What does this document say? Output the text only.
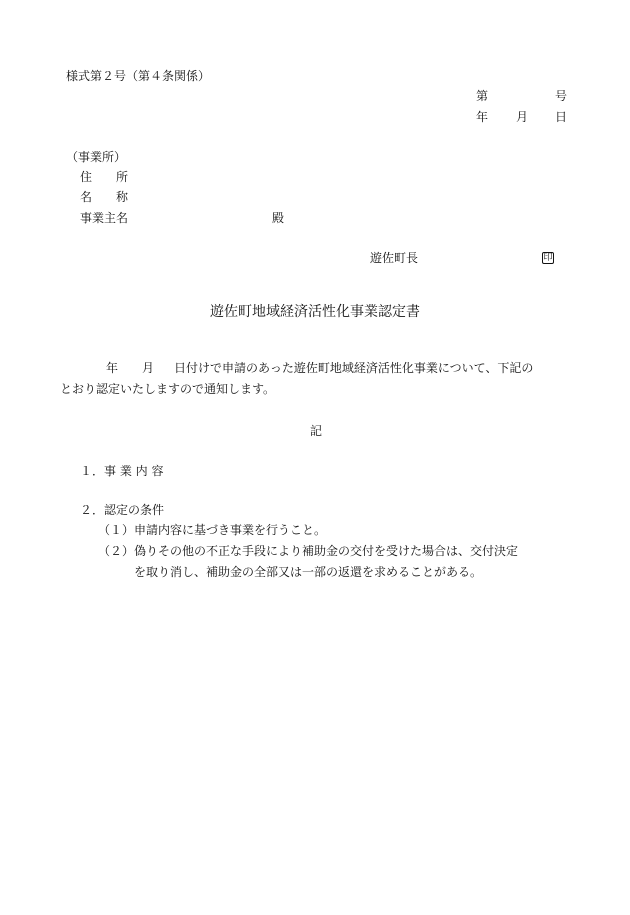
様式第２号（第４条関係）
第	号
年 月 日
（事業所）
住　　所
名　　称
事業主名	殿
遊佐町長	印
遊佐町地域経済活性化事業認定書
年 月 日付けで申請のあった遊佐町地域経済活性化事業について、下記の
とおり認定いたしますので通知します。
記
１．事 業 内 容
２．認定の条件
（１） 申請内容に基づき事業を行うこと。
（２） 偽りその他の不正な手段により補助金の交付を受けた場合は、交付決定
を取り消し、補助金の全部又は一部の返還を求めることがある。
